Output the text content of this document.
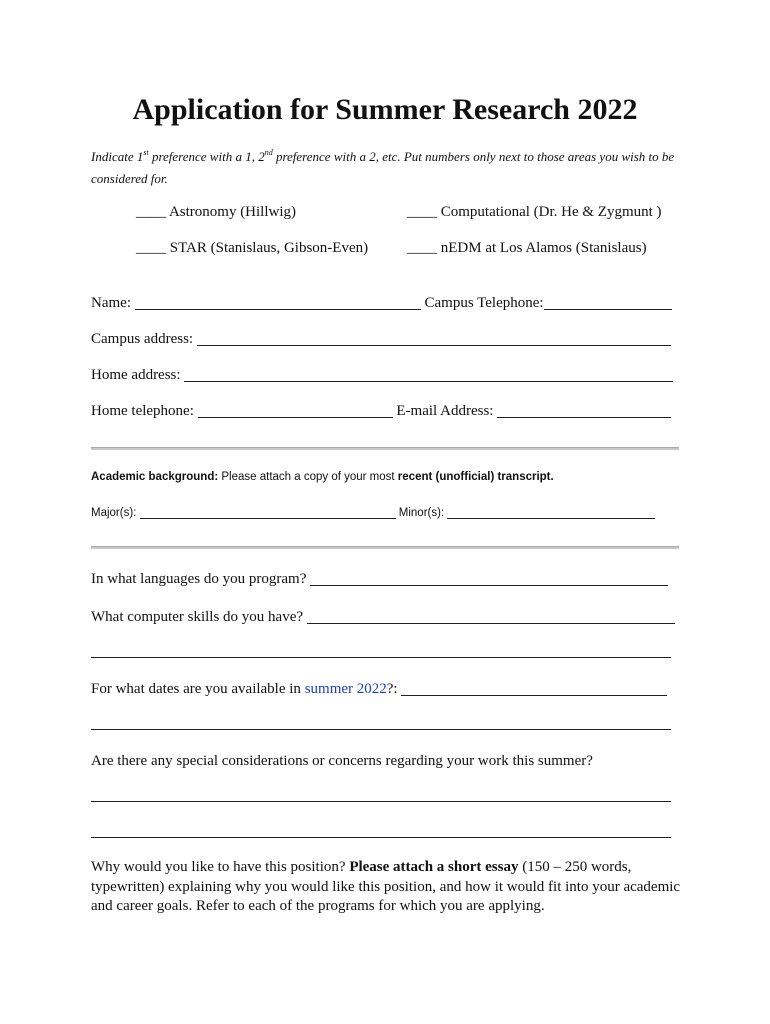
Application for Summer Research 2022
Indicate 1st preference with a 1, 2nd preference with a 2, etc. Put numbers only next to those areas you wish to be considered for.
____ Astronomy (Hillwig)	____ Computational (Dr. He & Zygmunt )
____ STAR (Stanislaus, Gibson-Even)	____ nEDM at Los Alamos (Stanislaus)
Name:	Campus Telephone:
Campus address:
Home address:
Home telephone:	E-mail Address:
Academic background: Please attach a copy of your most recent (unofficial) transcript.
Major(s):	Minor(s):
In what languages do you program?
What computer skills do you have?
For what dates are you available in summer 2022?:
Are there any special considerations or concerns regarding your work this summer?
Why would you like to have this position? Please attach a short essay (150 – 250 words, typewritten) explaining why you would like this position, and how it would fit into your academic and career goals. Refer to each of the programs for which you are applying.
